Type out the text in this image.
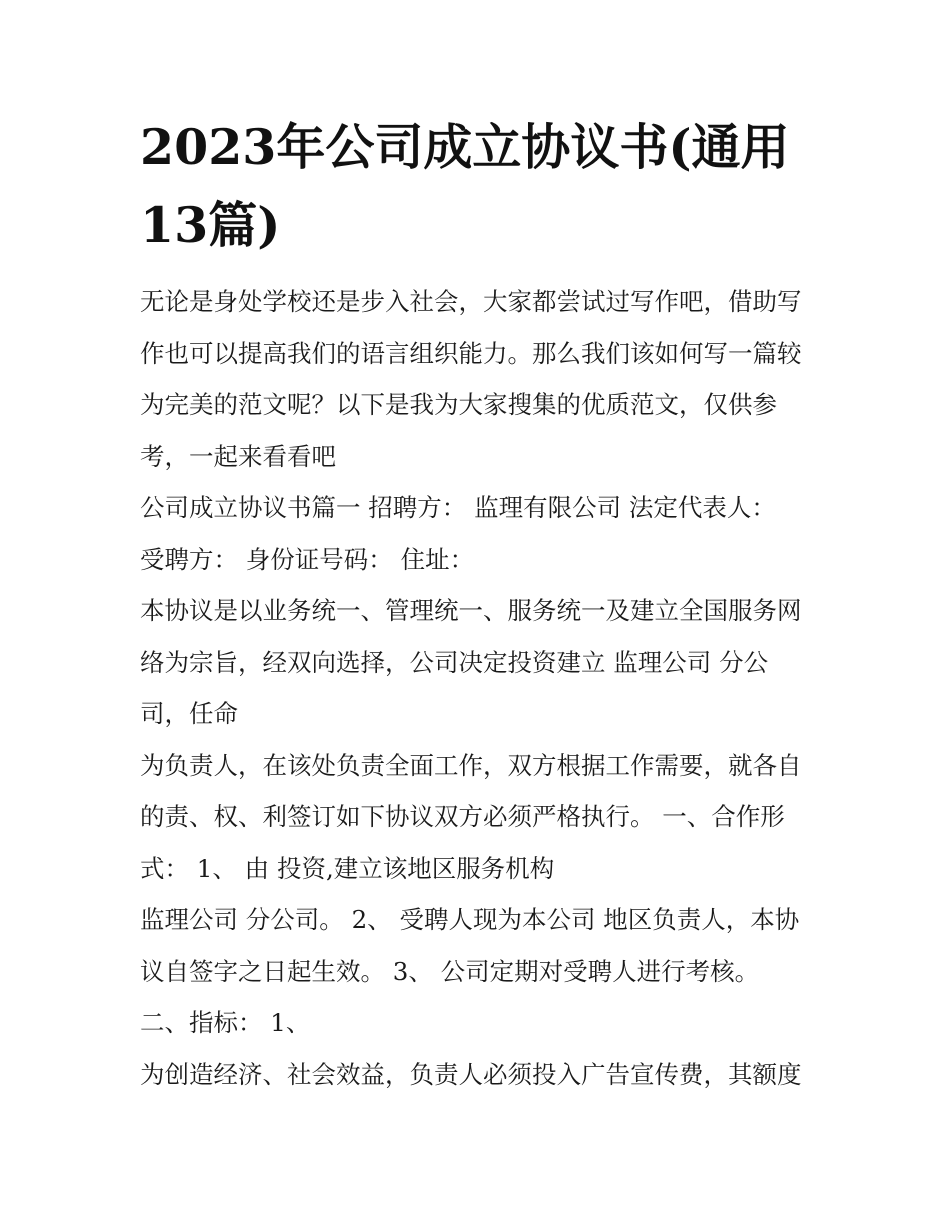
2023年公司成立协议书(通用
13篇)
无论是身处学校还是步入社会，大家都尝试过写作吧，借助写
作也可以提高我们的语言组织能力。那么我们该如何写一篇较
为完美的范文呢？以下是我为大家搜集的优质范文，仅供参
考，一起来看看吧
公司成立协议书篇一 招聘方： 监理有限公司 法定代表人：
受聘方： 身份证号码： 住址：
本协议是以业务统一、管理统一、服务统一及建立全国服务网
络为宗旨，经双向选择，公司决定投资建立 监理公司 分公
司，任命
为负责人，在该处负责全面工作，双方根据工作需要，就各自
的责、权、利签订如下协议双方必须严格执行。 一、合作形
式： 1、 由 投资,建立该地区服务机构
监理公司 分公司。 2、 受聘人现为本公司 地区负责人，本协
议自签字之日起生效。 3、 公司定期对受聘人进行考核。
二、指标： 1、
为创造经济、社会效益，负责人必须投入广告宣传费，其额度
